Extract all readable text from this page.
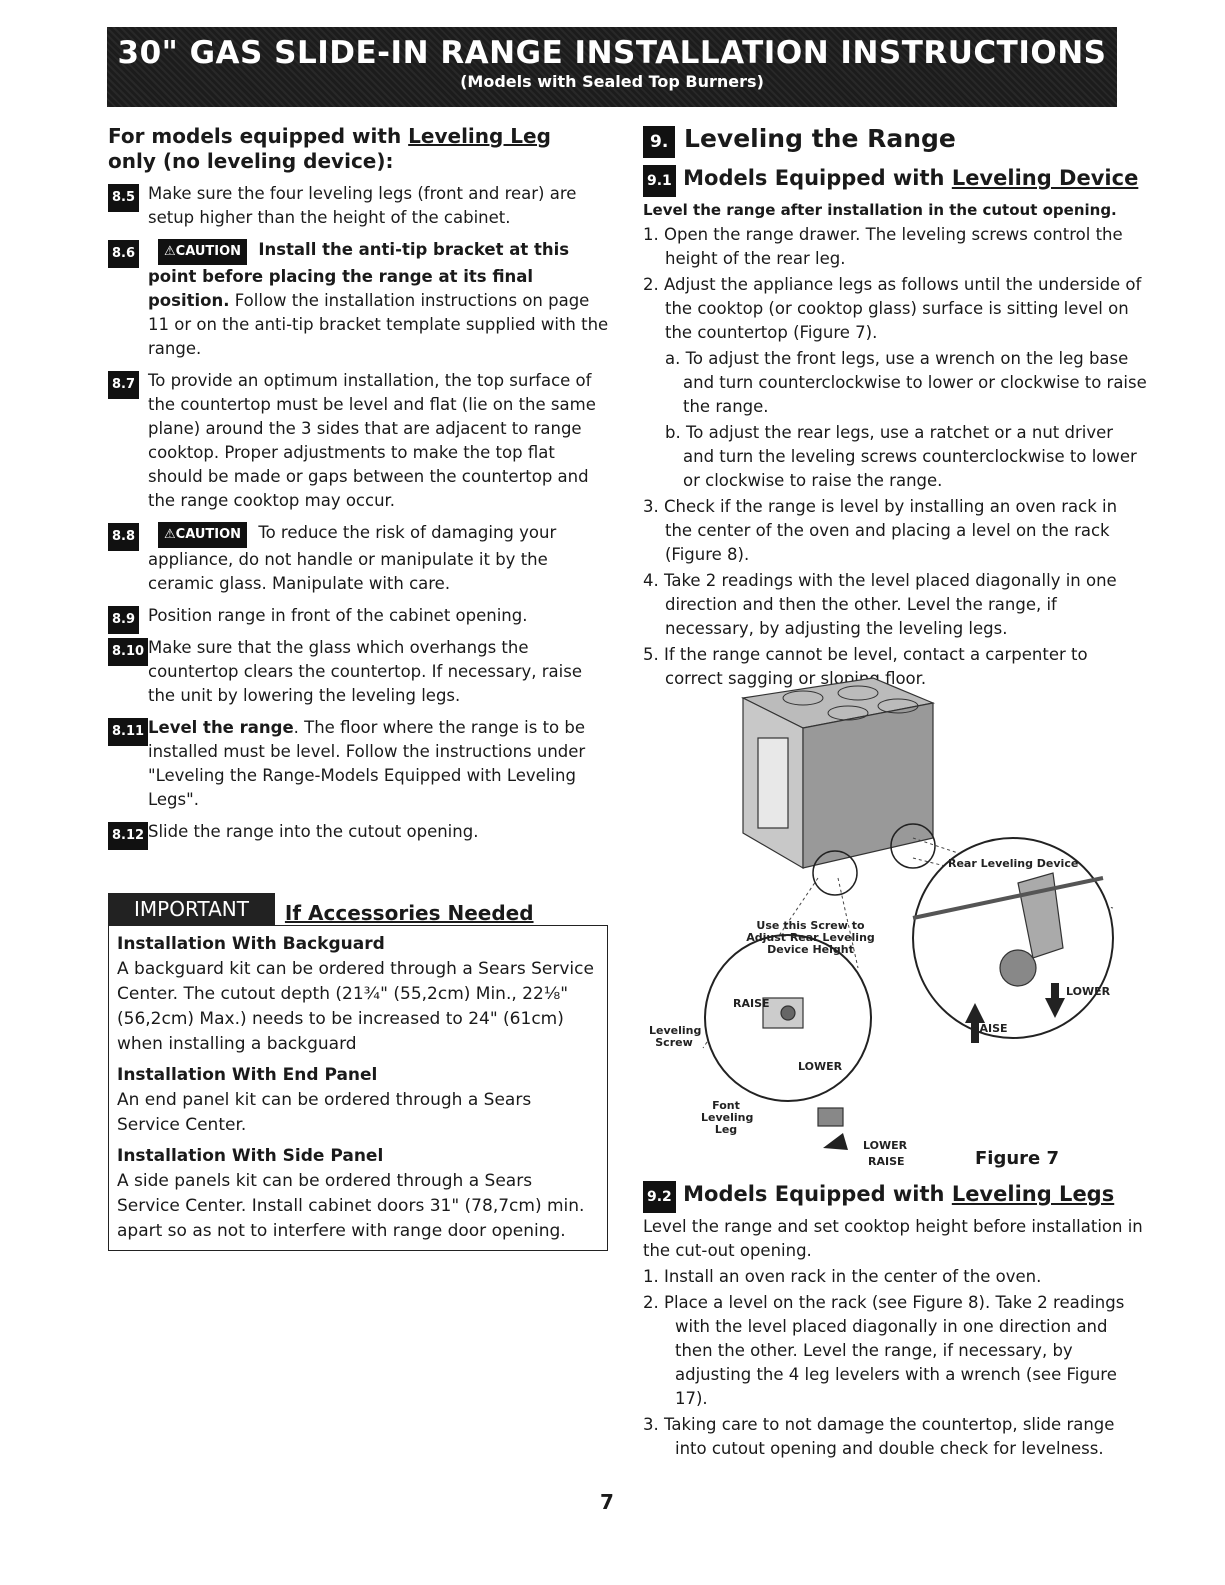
30" GAS SLIDE-IN RANGE INSTALLATION INSTRUCTIONS
(Models with Sealed Top Burners)
For models equipped with Leveling Leg
only (no leveling device):
8.5 Make sure the four leveling legs (front and rear) are setup higher than the height of the cabinet.
8.6	⚠CAUTION Install the anti-tip bracket at this point before placing the range at its final position. Follow the installation instructions on page 11 or on the anti-tip bracket template supplied with the range.
8.7 To provide an optimum installation, the top surface of the countertop must be level and flat (lie on the same plane) around the 3 sides that are adjacent to range cooktop. Proper adjustments to make the top flat should be made or gaps between the countertop and the range cooktop may occur.
8.8	⚠CAUTION To reduce the risk of damaging your appliance, do not handle or manipulate it by the ceramic glass. Manipulate with care.
8.9 Position range in front of the cabinet opening.
8.10 Make sure that the glass which overhangs the countertop clears the countertop. If necessary, raise the unit by lowering the leveling legs.
8.11 Level the range. The floor where the range is to be installed must be level. Follow the instructions under "Leveling the Range-Models Equipped with Leveling Legs".
8.12 Slide the range into the cutout opening.
IMPORTANT	If Accessories Needed
Installation With Backguard
A backguard kit can be ordered through a Sears Service Center. The cutout depth (21¾" (55,2cm) Min., 22⅛" (56,2cm) Max.) needs to be increased to 24" (61cm) when installing a backguard
Installation With End Panel
An end panel kit can be ordered through a Sears Service Center.
Installation With Side Panel
A side panels kit can be ordered through a Sears Service Center. Install cabinet doors 31" (78,7cm) min. apart so as not to interfere with range door opening.
9. Leveling the Range
9.1 Models Equipped with Leveling Device
Level the range after installation in the cutout opening.
1. Open the range drawer. The leveling screws control the height of the rear leg.
2. Adjust the appliance legs as follows until the underside of the cooktop (or cooktop glass) surface is sitting level on the countertop (Figure 7).
a. To adjust the front legs, use a wrench on the leg base and turn counterclockwise to lower or clockwise to raise the range.
b. To adjust the rear legs, use a ratchet or a nut driver and turn the leveling screws counterclockwise to lower or clockwise to raise the range.
3. Check if the range is level by installing an oven rack in the center of the oven and placing a level on the rack (Figure 8).
4. Take 2 readings with the level placed diagonally in one direction and then the other. Level the range, if necessary, by adjusting the leveling legs.
5. If the range cannot be level, contact a carpenter to correct sagging or sloping floor.
Rear Leveling Device
Use this Screw to Adjust Rear Leveling Device Height
RAISE
LOWER
Leveling Screw
Font Leveling Leg
LOWER
RAISE
LOWER
RAISE	Figure 7
9.2 Models Equipped with Leveling Legs
Level the range and set cooktop height before installation in the cut-out opening.
1. Install an oven rack in the center of the oven.
2. Place a level on the rack (see Figure 8). Take 2 readings with the level placed diagonally in one direction and then the other. Level the range, if necessary, by adjusting the 4 leg levelers with a wrench (see Figure 17).
3. Taking care to not damage the countertop, slide range into cutout opening and double check for levelness.
7
